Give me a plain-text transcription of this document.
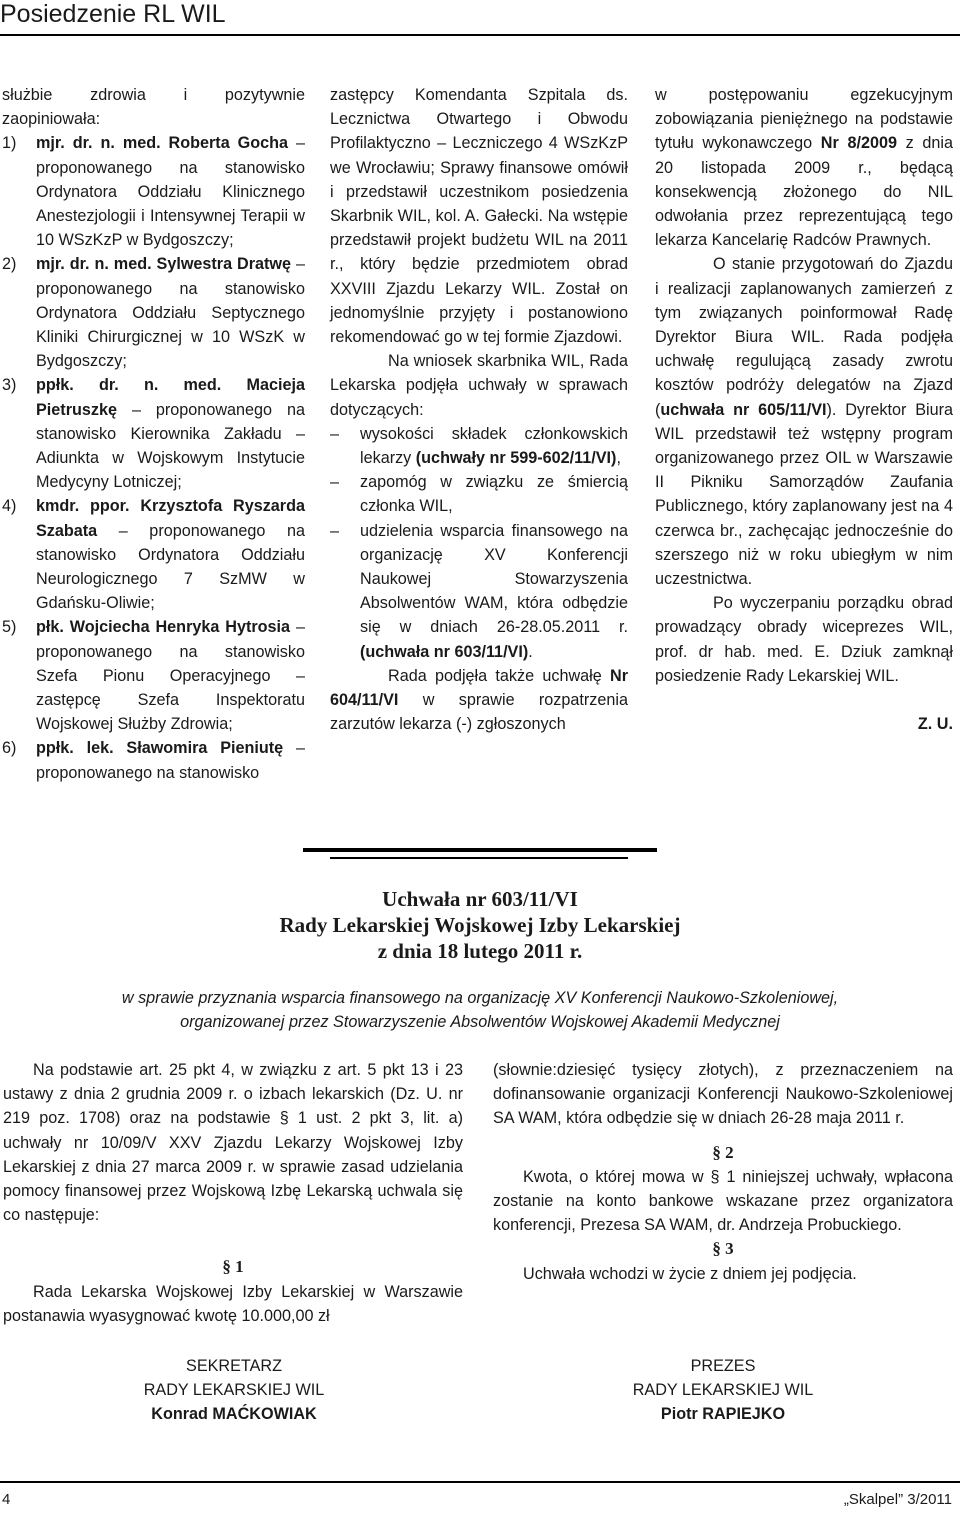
Posiedzenie RL WIL

służbie zdrowia i pozytywnie zaopiniowała:

1) mjr. dr. n. med. Roberta Gocha – proponowanego na stanowisko Ordynatora Oddziału Klinicznego Anestezjologii i Intensywnej Terapii w 10 WSzKzP w Bydgoszczy;
2) mjr. dr. n. med. Sylwestra Dratwę – proponowanego na stanowisko Ordynatora Oddziału Septycznego Kliniki Chirurgicznej w 10 WSzK w Bydgoszczy;
3) ppłk. dr. n. med. Macieja Pietruszkę – proponowanego na stanowisko Kierownika Zakładu – Adiunkta w Wojskowym Instytucie Medycyny Lotniczej;
4) kmdr. ppor. Krzysztofa Ryszarda Szabata – proponowanego na stanowisko Ordynatora Oddziału Neurologicznego 7 SzMW w Gdańsku-Oliwie;
5) płk. Wojciecha Henryka Hytrosia – proponowanego na stanowisko Szefa Pionu Operacyjnego – zastępcę Szefa Inspektoratu Wojskowej Służby Zdrowia;
6) ppłk. lek. Sławomira Pieniutę – proponowanego na stanowisko

zastępcy Komendanta Szpitala ds. Lecznictwa Otwartego i Obwodu Profilaktyczno – Leczniczego 4 WSzKzP we Wrocławiu; Sprawy finansowe omówił i przedstawił uczestnikom posiedzenia Skarbnik WIL, kol. A. Gałecki. Na wstępie przedstawił projekt budżetu WIL na 2011 r., który będzie przedmiotem obrad XXVIII Zjazdu Lekarzy WIL. Został on jednomyślnie przyjęty i postanowiono rekomendować go w tej formie Zjazdowi.

Na wniosek skarbnika WIL, Rada Lekarska podjęła uchwały w sprawach dotyczących:

– wysokości składek członkowskich lekarzy (uchwały nr 599-602/11/VI),
– zapomóg w związku ze śmiercią członka WIL,
– udzielenia wsparcia finansowego na organizację XV Konferencji Naukowej Stowarzyszenia Absolwentów WAM, która odbędzie się w dniach 26-28.05.2011 r. (uchwała nr 603/11/VI).

Rada podjęła także uchwałę Nr 604/11/VI w sprawie rozpatrzenia zarzutów lekarza (-) zgłoszonych

w postępowaniu egzekucyjnym zobowiązania pieniężnego na podstawie tytułu wykonawczego Nr 8/2009 z dnia 20 listopada 2009 r., będącą konsekwencją złożonego do NIL odwołania przez reprezentującą tego lekarza Kancelarię Radców Prawnych.

O stanie przygotowań do Zjazdu i realizacji zaplanowanych zamierzeń z tym związanych poinformował Radę Dyrektor Biura WIL. Rada podjęła uchwałę regulującą zasady zwrotu kosztów podróży delegatów na Zjazd (uchwała nr 605/11/VI). Dyrektor Biura WIL przedstawił też wstępny program organizowanego przez OIL w Warszawie II Pikniku Samorządów Zaufania Publicznego, który zaplanowany jest na 4 czerwca br., zachęcając jednocześnie do szerszego niż w roku ubiegłym w nim uczestnictwa.

Po wyczerpaniu porządku obrad prowadzący obrady wiceprezes WIL, prof. dr hab. med. E. Dziuk zamknął posiedzenie Rady Lekarskiej WIL.

Z. U.

Uchwała nr 603/11/VI
Rady Lekarskiej Wojskowej Izby Lekarskiej
z dnia 18 lutego 2011 r.
w sprawie przyznania wsparcia finansowego na organizację XV Konferencji Naukowo-Szkoleniowej,
organizowanej przez Stowarzyszenie Absolwentów Wojskowej Akademii Medycznej

Na podstawie art. 25 pkt 4, w związku z art. 5 pkt 13 i 23 ustawy z dnia 2 grudnia 2009 r. o izbach lekarskich (Dz. U. nr 219 poz. 1708) oraz na podstawie § 1 ust. 2 pkt 3, lit. a) uchwały nr 10/09/V XXV Zjazdu Lekarzy Wojskowej Izby Lekarskiej z dnia 27 marca 2009 r. w sprawie zasad udzielania pomocy finansowej przez Wojskową Izbę Lekarską uchwala się co następuje:

§ 1

Rada Lekarska Wojskowej Izby Lekarskiej w Warszawie postanawia wyasygnować kwotę 10.000,00 zł

(słownie:dziesięć tysięcy złotych), z przeznaczeniem na dofinansowanie organizacji Konferencji Naukowo-Szkoleniowej SA WAM, która odbędzie się w dniach 26-28 maja 2011 r.

§ 2

Kwota, o której mowa w § 1 niniejszej uchwały, wpłacona zostanie na konto bankowe wskazane przez organizatora konferencji, Prezesa SA WAM, dr. Andrzeja Probuckiego.

§ 3

Uchwała wchodzi w życie z dniem jej podjęcia.

SEKRETARZ
RADY LEKARSKIEJ WIL
Konrad MAĆKOWIAK
PREZES
RADY LEKARSKIEJ WIL
Piotr RAPIEJKO
4	„Skalpel” 3/2011
